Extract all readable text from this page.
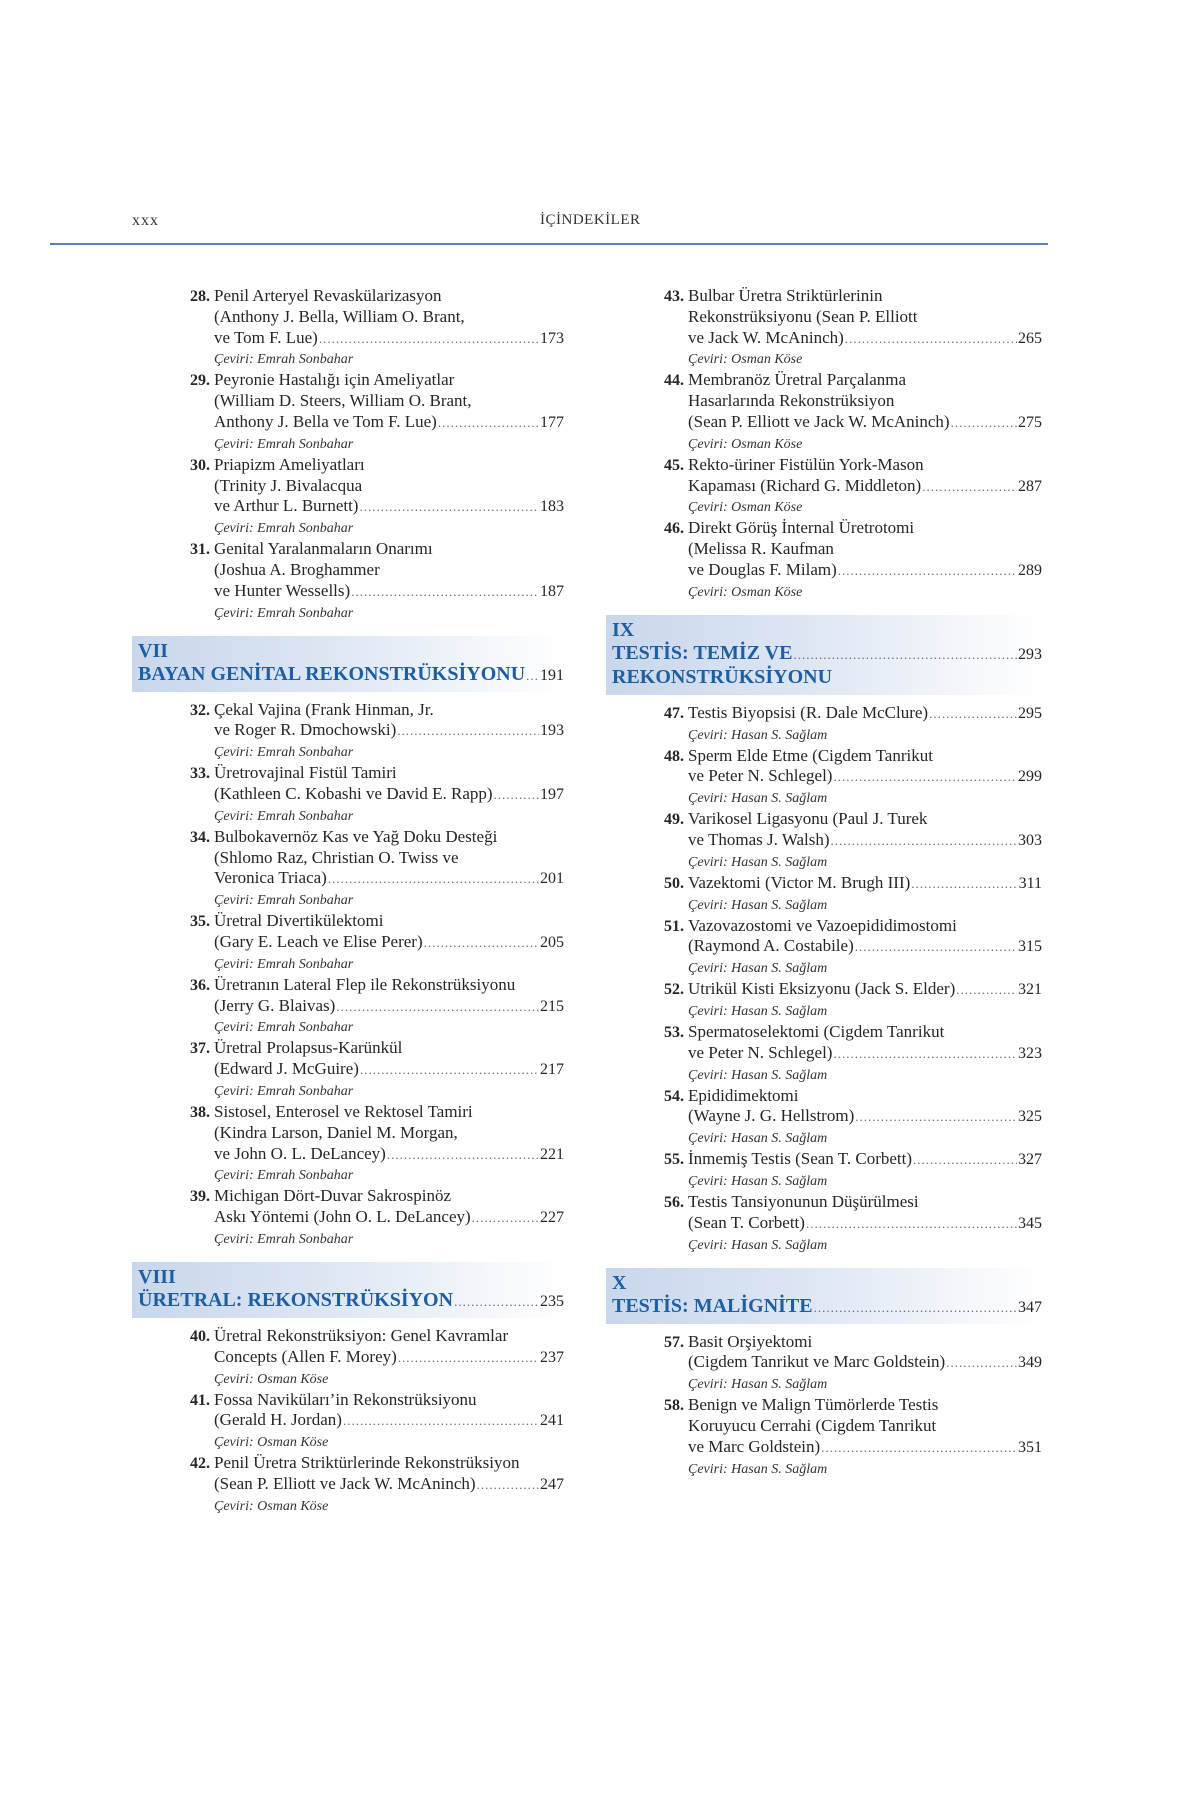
xxx	İÇİNDEKİLER
28. Penil Arteryel Revaskülarizasyon
(Anthony J. Bella, William O. Brant,
ve Tom F. Lue) .....	173
Çeviri: Emrah Sonbahar
29. Peyronie Hastalığı için Ameliyatlar
(William D. Steers, William O. Brant,
Anthony J. Bella ve Tom F. Lue) .....	177
Çeviri: Emrah Sonbahar
30. Priapizm Ameliyatları
(Trinity J. Bivalacqua
ve Arthur L. Burnett) .....	183
Çeviri: Emrah Sonbahar
31. Genital Yaralanmaların Onarımı
(Joshua A. Broghammer
ve Hunter Wessells) .....	187
Çeviri: Emrah Sonbahar
VII
BAYAN GENİTAL REKONSTRÜKSİYONU ..... 191
32. Çekal Vajina (Frank Hinman, Jr.
ve Roger R. Dmochowski) .....	193
Çeviri: Emrah Sonbahar
33. Üretrovajinal Fistül Tamiri
(Kathleen C. Kobashi ve David E. Rapp) .....	197
Çeviri: Emrah Sonbahar
34. Bulbokavernöz Kas ve Yağ Doku Desteği
(Shlomo Raz, Christian O. Twiss ve
Veronica Triaca) .....	201
Çeviri: Emrah Sonbahar
35. Üretral Divertikülektomi
(Gary E. Leach ve Elise Perer) .....	205
Çeviri: Emrah Sonbahar
36. Üretranın Lateral Flep ile Rekonstrüksiyonu
(Jerry G. Blaivas) .....	215
Çeviri: Emrah Sonbahar
37. Üretral Prolapsus-Karünkül
(Edward J. McGuire) .....	217
Çeviri: Emrah Sonbahar
38. Sistosel, Enterosel ve Rektosel Tamiri
(Kindra Larson, Daniel M. Morgan,
ve John O. L. DeLancey) .....	221
Çeviri: Emrah Sonbahar
39. Michigan Dört-Duvar Sakrospinöz
Askı Yöntemi (John O. L. DeLancey) .....	227
Çeviri: Emrah Sonbahar
VIII
ÜRETRAL: REKONSTRÜKSİYON .....	235
40. Üretral Rekonstrüksiyon: Genel Kavramlar
Concepts (Allen F. Morey) .....	237
Çeviri: Osman Köse
41. Fossa Naviküları’in Rekonstrüksiyonu
(Gerald H. Jordan) .....	241
Çeviri: Osman Köse
42. Penil Üretra Striktürlerinde Rekonstrüksiyon
(Sean P. Elliott ve Jack W. McAninch) .....	247
Çeviri: Osman Köse
43. Bulbar Üretra Striktürlerinin
Rekonstrüksiyonu (Sean P. Elliott
ve Jack W. McAninch) .....	265
Çeviri: Osman Köse
44. Membranöz Üretral Parçalanma
Hasarlarında Rekonstrüksiyon
(Sean P. Elliott ve Jack W. McAninch) .....	275
Çeviri: Osman Köse
45. Rekto-üriner Fistülün York-Mason
Kapaması (Richard G. Middleton) .....	287
Çeviri: Osman Köse
46. Direkt Görüş İnternal Üretrotomi
(Melissa R. Kaufman
ve Douglas F. Milam) .....	289
Çeviri: Osman Köse
IX
TESTİS: TEMİZ VE .....	293
REKONSTRÜKSİYONU
47. Testis Biyopsisi (R. Dale McClure) .....	295
Çeviri: Hasan S. Sağlam
48. Sperm Elde Etme (Cigdem Tanrikut
ve Peter N. Schlegel) .....	299
Çeviri: Hasan S. Sağlam
49. Varikosel Ligasyonu (Paul J. Turek
ve Thomas J. Walsh) .....	303
Çeviri: Hasan S. Sağlam
50. Vazektomi (Victor M. Brugh III) .....	311
Çeviri: Hasan S. Sağlam
51. Vazovazostomi ve Vazoepididimostomi
(Raymond A. Costabile) .....	315
Çeviri: Hasan S. Sağlam
52. Utrikül Kisti Eksizyonu (Jack S. Elder) .....	321
Çeviri: Hasan S. Sağlam
53. Spermatoselektomi (Cigdem Tanrikut
ve Peter N. Schlegel) .....	323
Çeviri: Hasan S. Sağlam
54. Epididimektomi
(Wayne J. G. Hellstrom) .....	325
Çeviri: Hasan S. Sağlam
55. İnmemiş Testis (Sean T. Corbett) .....	327
Çeviri: Hasan S. Sağlam
56. Testis Tansiyonunun Düşürülmesi
(Sean T. Corbett) .....	345
Çeviri: Hasan S. Sağlam
X
TESTİS: MALİGNİTE .....	347
57. Basit Orşiyektomi
(Cigdem Tanrikut ve Marc Goldstein) .....	349
Çeviri: Hasan S. Sağlam
58. Benign ve Malign Tümörlerde Testis
Koruyucu Cerrahi (Cigdem Tanrikut
ve Marc Goldstein) .....	351
Çeviri: Hasan S. Sağlam
